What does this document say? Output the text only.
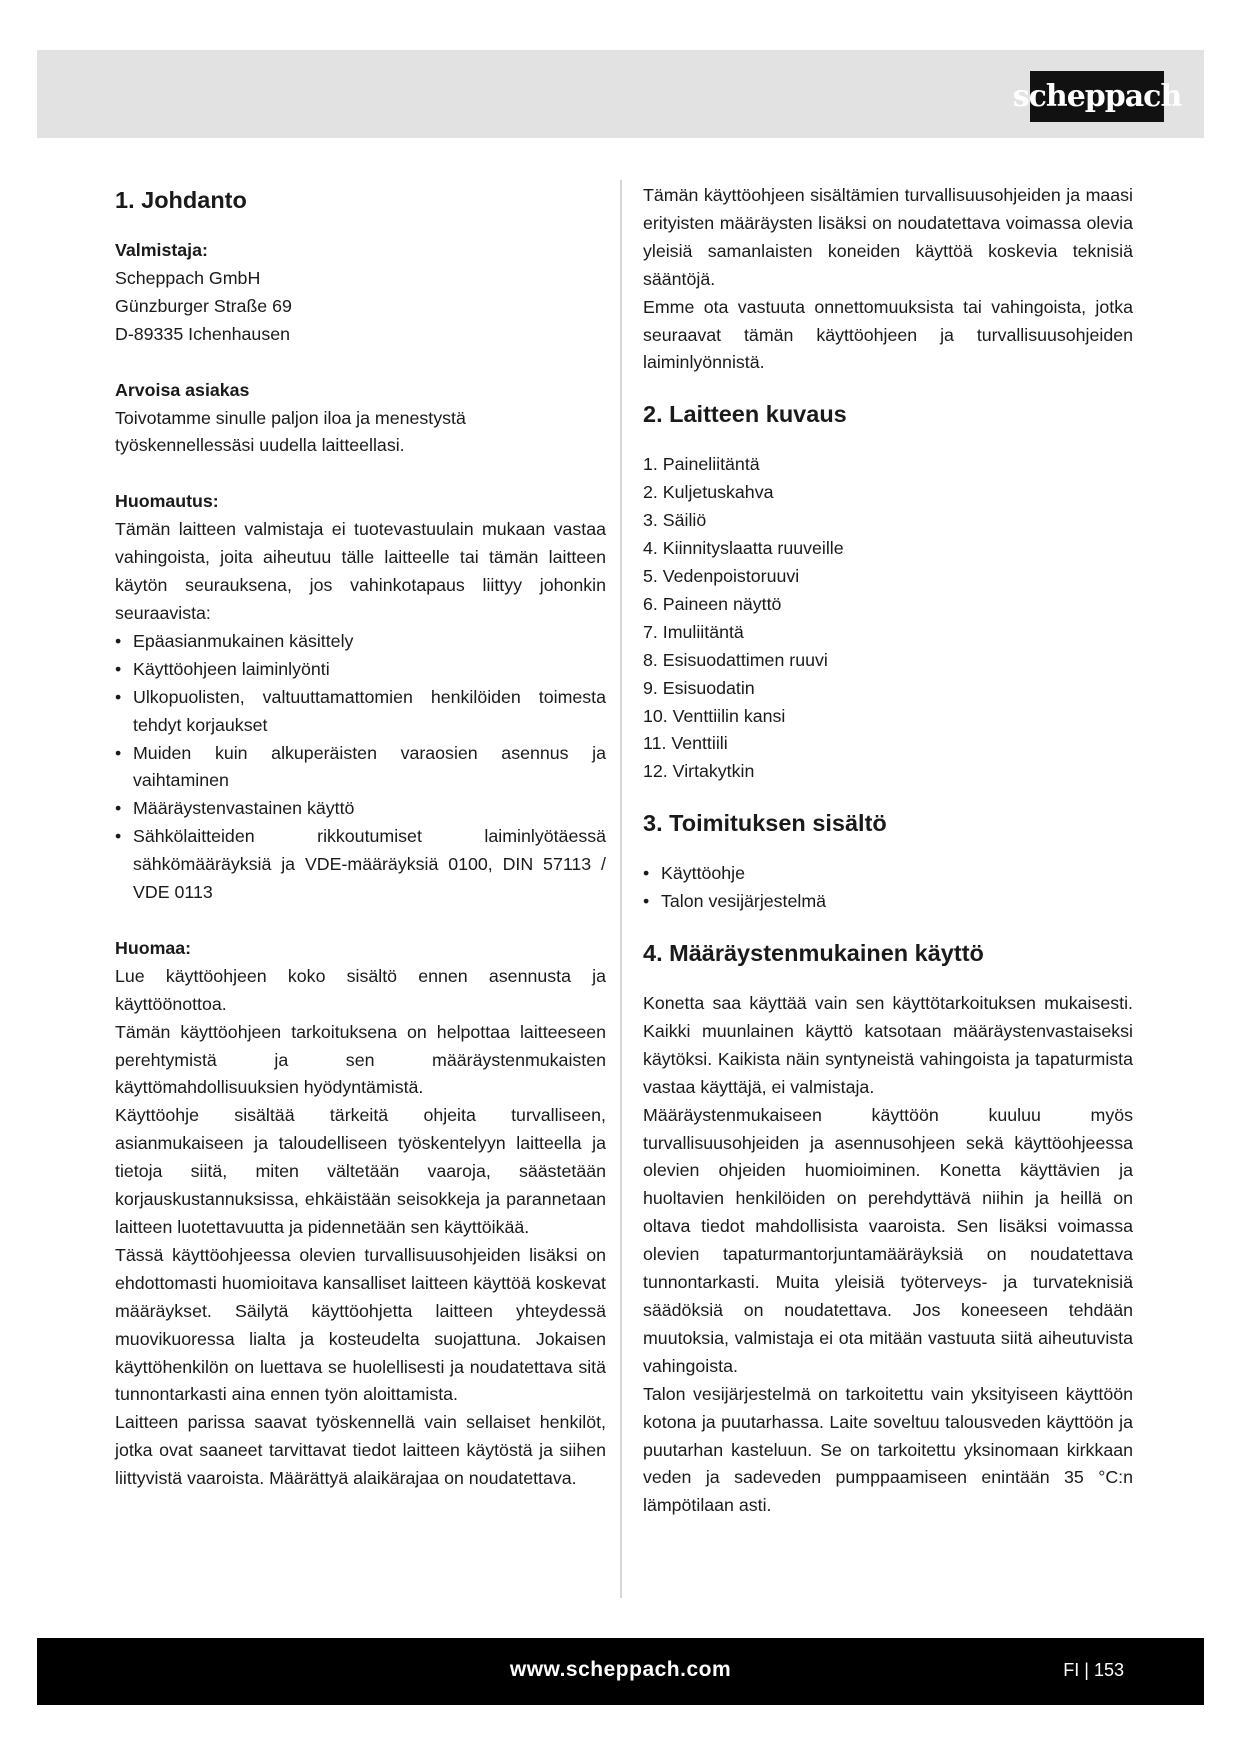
scheppach
1. Johdanto

Valmistaja:

Scheppach GmbH

Günzburger Straße 69

D-89335 Ichenhausen

Arvoisa asiakas

Toivotamme sinulle paljon iloa ja menestystä työskennellessäsi uudella laitteellasi.

Huomautus:

Tämän laitteen valmistaja ei tuotevastuulain mukaan vastaa vahingoista, joita aiheutuu tälle laitteelle tai tämän laitteen käytön seurauksena, jos vahinkotapaus liittyy johonkin seuraavista:

• Epäasianmukainen käsittely
• Käyttöohjeen laiminlyönti
• Ulkopuolisten, valtuuttamattomien henkilöiden toimesta tehdyt korjaukset
• Muiden kuin alkuperäisten varaosien asennus ja vaihtaminen
• Määräystenvastainen käyttö
• Sähkölaitteiden rikkoutumiset laiminlyötäessä sähkömääräyksiä ja VDE-määräyksiä 0100, DIN 57113 / VDE 0113

Huomaa:

Lue käyttöohjeen koko sisältö ennen asennusta ja käyttöönottoa.

Tämän käyttöohjeen tarkoituksena on helpottaa laitteeseen perehtymistä ja sen määräystenmukaisten käyttömahdollisuuksien hyödyntämistä.

Käyttöohje sisältää tärkeitä ohjeita turvalliseen, asianmukaiseen ja taloudelliseen työskentelyyn laitteella ja tietoja siitä, miten vältetään vaaroja, säästetään korjauskustannuksissa, ehkäistään seisokkeja ja parannetaan laitteen luotettavuutta ja pidennetään sen käyttöikää.

Tässä käyttöohjeessa olevien turvallisuusohjeiden lisäksi on ehdottomasti huomioitava kansalliset laitteen käyttöä koskevat määräykset. Säilytä käyttöohjetta laitteen yhteydessä muovikuoressa lialta ja kosteudelta suojattuna. Jokaisen käyttöhenkilön on luettava se huolellisesti ja noudatettava sitä tunnontarkasti aina ennen työn aloittamista.

Laitteen parissa saavat työskennellä vain sellaiset henkilöt, jotka ovat saaneet tarvittavat tiedot laitteen käytöstä ja siihen liittyvistä vaaroista. Määrättyä alaikärajaa on noudatettava.

Tämän käyttöohjeen sisältämien turvallisuusohjeiden ja maasi erityisten määräysten lisäksi on noudatettava voimassa olevia yleisiä samanlaisten koneiden käyttöä koskevia teknisiä sääntöjä.

Emme ota vastuuta onnettomuuksista tai vahingoista, jotka seuraavat tämän käyttöohjeen ja turvallisuusohjeiden laiminlyönnistä.

2. Laitteen kuvaus
1. Paineliitäntä
2. Kuljetuskahva
3. Säiliö
4. Kiinnityslaatta ruuveille
5. Vedenpoistoruuvi
6. Paineen näyttö
7. Imuliitäntä
8. Esisuodattimen ruuvi
9. Esisuodatin
10. Venttiilin kansi
11. Venttiili
12. Virtakytkin
3. Toimituksen sisältö
• Käyttöohje
• Talon vesijärjestelmä
4. Määräystenmukainen käyttö

Konetta saa käyttää vain sen käyttötarkoituksen mukaisesti. Kaikki muunlainen käyttö katsotaan määräystenvastaiseksi käytöksi. Kaikista näin syntyneistä vahingoista ja tapaturmista vastaa käyttäjä, ei valmistaja.

Määräystenmukaiseen käyttöön kuuluu myös turvallisuusohjeiden ja asennusohjeen sekä käyttöohjeessa olevien ohjeiden huomioiminen. Konetta käyttävien ja huoltavien henkilöiden on perehdyttävä niihin ja heillä on oltava tiedot mahdollisista vaaroista. Sen lisäksi voimassa olevien tapaturmantorjuntamääräyksiä on noudatettava tunnontarkasti. Muita yleisiä työterveys- ja turvateknisiä säädöksiä on noudatettava. Jos koneeseen tehdään muutoksia, valmistaja ei ota mitään vastuuta siitä aiheutuvista vahingoista.

Talon vesijärjestelmä on tarkoitettu vain yksityiseen käyttöön kotona ja puutarhassa. Laite soveltuu talousveden käyttöön ja puutarhan kasteluun. Se on tarkoitettu yksinomaan kirkkaan veden ja sadeveden pumppaamiseen enintään 35 °C:n lämpötilaan asti.

www.scheppach.com	FI | 153
